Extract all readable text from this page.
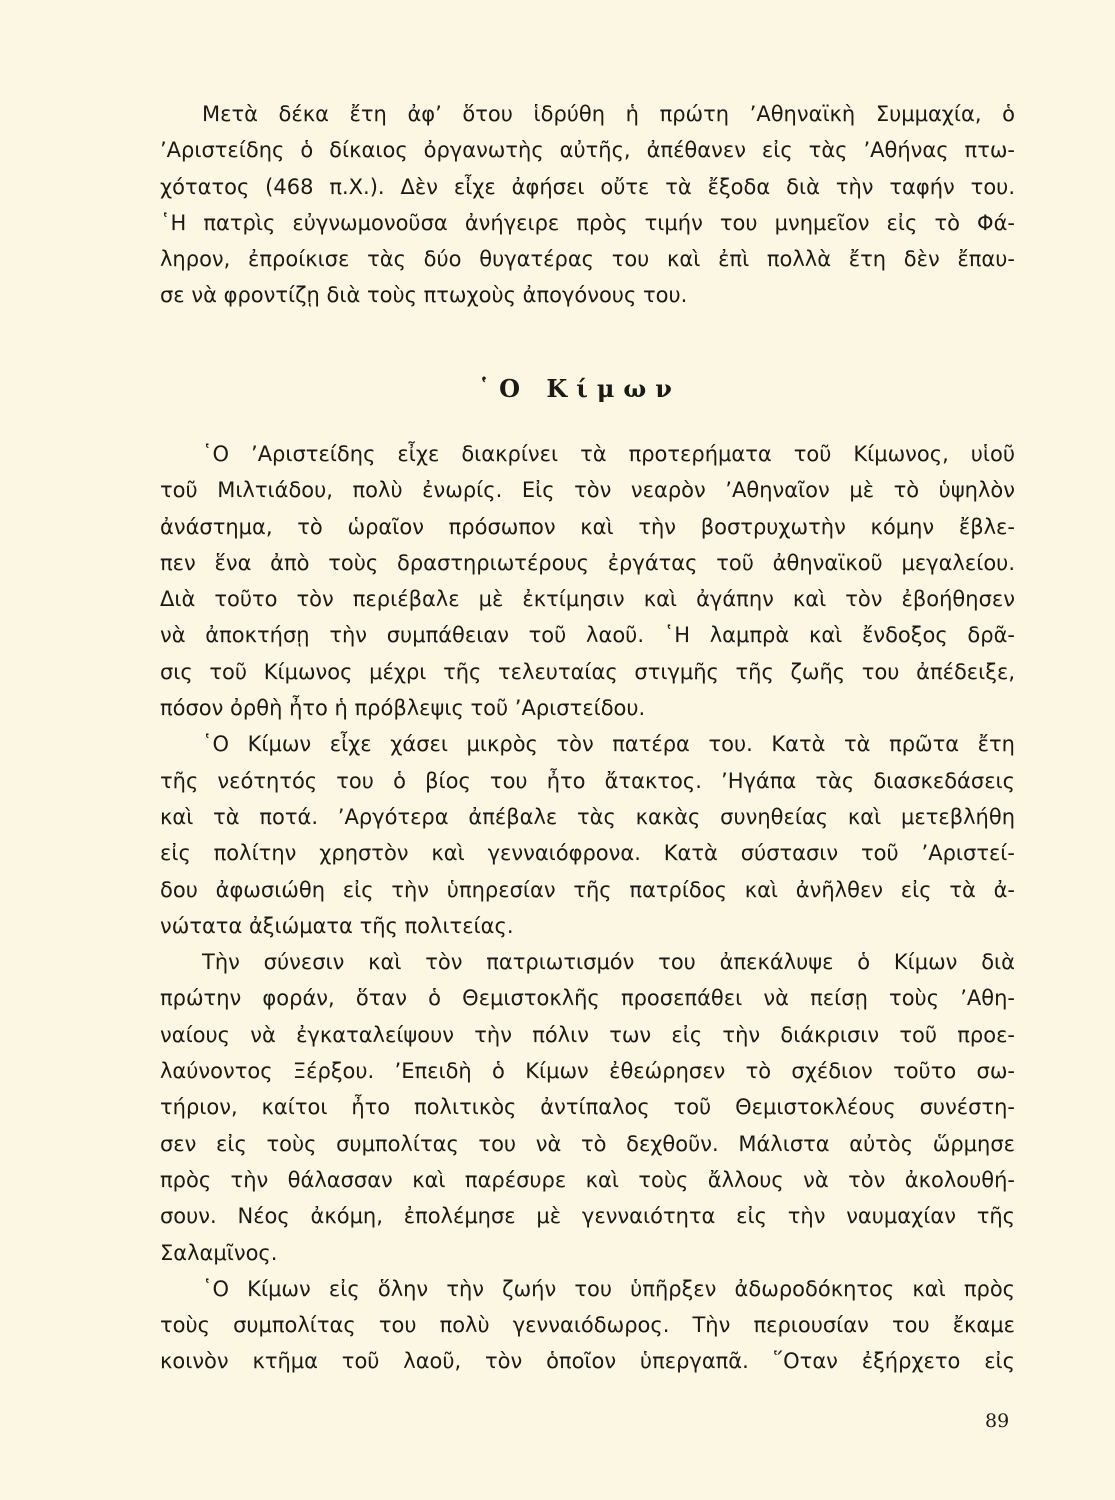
Μετὰ δέκα ἔτη ἀφ’ ὅτου ἱδρύθη ἡ πρώτη ’Αθηναϊκὴ Συμμαχία, ὁ
’Αριστείδης ὁ δίκαιος ὀργανωτὴς αὐτῆς, ἀπέθανεν εἰς τὰς ’Αθήνας πτω-
χότατος (468 π.Χ.). Δὲν εἶχε ἀφήσει οὔτε τὰ ἔξοδα διὰ τὴν ταφήν του.
῾Η πατρὶς εὐγνωμονοῦσα ἀνήγειρε πρὸς τιμήν του μνημεῖον εἰς τὸ Φά-
ληρον, ἐπροίκισε τὰς δύο θυγατέρας του καὶ ἐπὶ πολλὰ ἔτη δὲν ἔπαυ-
σε νὰ φροντίζῃ διὰ τοὺς πτωχοὺς ἀπογόνους του.
῾Ο Κίμων
῾Ο ’Αριστείδης εἶχε διακρίνει τὰ προτερήματα τοῦ Κίμωνος, υἱοῦ
τοῦ Μιλτιάδου, πολὺ ἐνωρίς. Εἰς τὸν νεαρὸν ’Αθηναῖον μὲ τὸ ὑψηλὸν
ἀνάστημα, τὸ ὡραῖον πρόσωπον καὶ τὴν βοστρυχωτὴν κόμην ἔβλε-
πεν ἕνα ἀπὸ τοὺς δραστηριωτέρους ἐργάτας τοῦ ἀθηναϊκοῦ μεγαλείου.
Διὰ τοῦτο τὸν περιέβαλε μὲ ἐκτίμησιν καὶ ἀγάπην καὶ τὸν ἐβοήθησεν
νὰ ἀποκτήσῃ τὴν συμπάθειαν τοῦ λαοῦ. ῾Η λαμπρὰ καὶ ἔνδοξος δρᾶ-
σις τοῦ Κίμωνος μέχρι τῆς τελευταίας στιγμῆς τῆς ζωῆς του ἀπέδειξε,
πόσον ὀρθὴ ἦτο ἡ πρόβλεψις τοῦ ’Αριστείδου.
῾Ο Κίμων εἶχε χάσει μικρὸς τὸν πατέρα του. Κατὰ τὰ πρῶτα ἔτη
τῆς νεότητός του ὁ βίος του ἦτο ἄτακτος. ’Ηγάπα τὰς διασκεδάσεις
καὶ τὰ ποτά. ’Αργότερα ἀπέβαλε τὰς κακὰς συνηθείας καὶ μετεβλήθη
εἰς πολίτην χρηστὸν καὶ γενναιόφρονα. Κατὰ σύστασιν τοῦ ’Αριστεί-
δου ἀφωσιώθη εἰς τὴν ὑπηρεσίαν τῆς πατρίδος καὶ ἀνῆλθεν εἰς τὰ ἀ-
νώτατα ἀξιώματα τῆς πολιτείας.
Τὴν σύνεσιν καὶ τὸν πατριωτισμόν του ἀπεκάλυψε ὁ Κίμων διὰ
πρώτην φοράν, ὅταν ὁ Θεμιστοκλῆς προσεπάθει νὰ πείσῃ τοὺς ’Αθη-
ναίους νὰ ἐγκαταλείψουν τὴν πόλιν των εἰς τὴν διάκρισιν τοῦ προε-
λαύνοντος Ξέρξου. ’Επειδὴ ὁ Κίμων ἐθεώρησεν τὸ σχέδιον τοῦτο σω-
τήριον, καίτοι ἦτο πολιτικὸς ἀντίπαλος τοῦ Θεμιστοκλέους συνέστη-
σεν εἰς τοὺς συμπολίτας του νὰ τὸ δεχθοῦν. Μάλιστα αὐτὸς ὥρμησε
πρὸς τὴν θάλασσαν καὶ παρέσυρε καὶ τοὺς ἄλλους νὰ τὸν ἀκολουθή-
σουν. Νέος ἀκόμη, ἐπολέμησε μὲ γενναιότητα εἰς τὴν ναυμαχίαν τῆς
Σαλαμῖνος.
῾Ο Κίμων εἰς ὅλην τὴν ζωήν του ὑπῆρξεν ἀδωροδόκητος καὶ πρὸς
τοὺς συμπολίτας του πολὺ γενναιόδωρος. Τὴν περιουσίαν του ἔκαμε
κοινὸν κτῆμα τοῦ λαοῦ, τὸν ὁποῖον ὑπεργαπᾶ. ῞Οταν ἐξήρχετο εἰς
89
